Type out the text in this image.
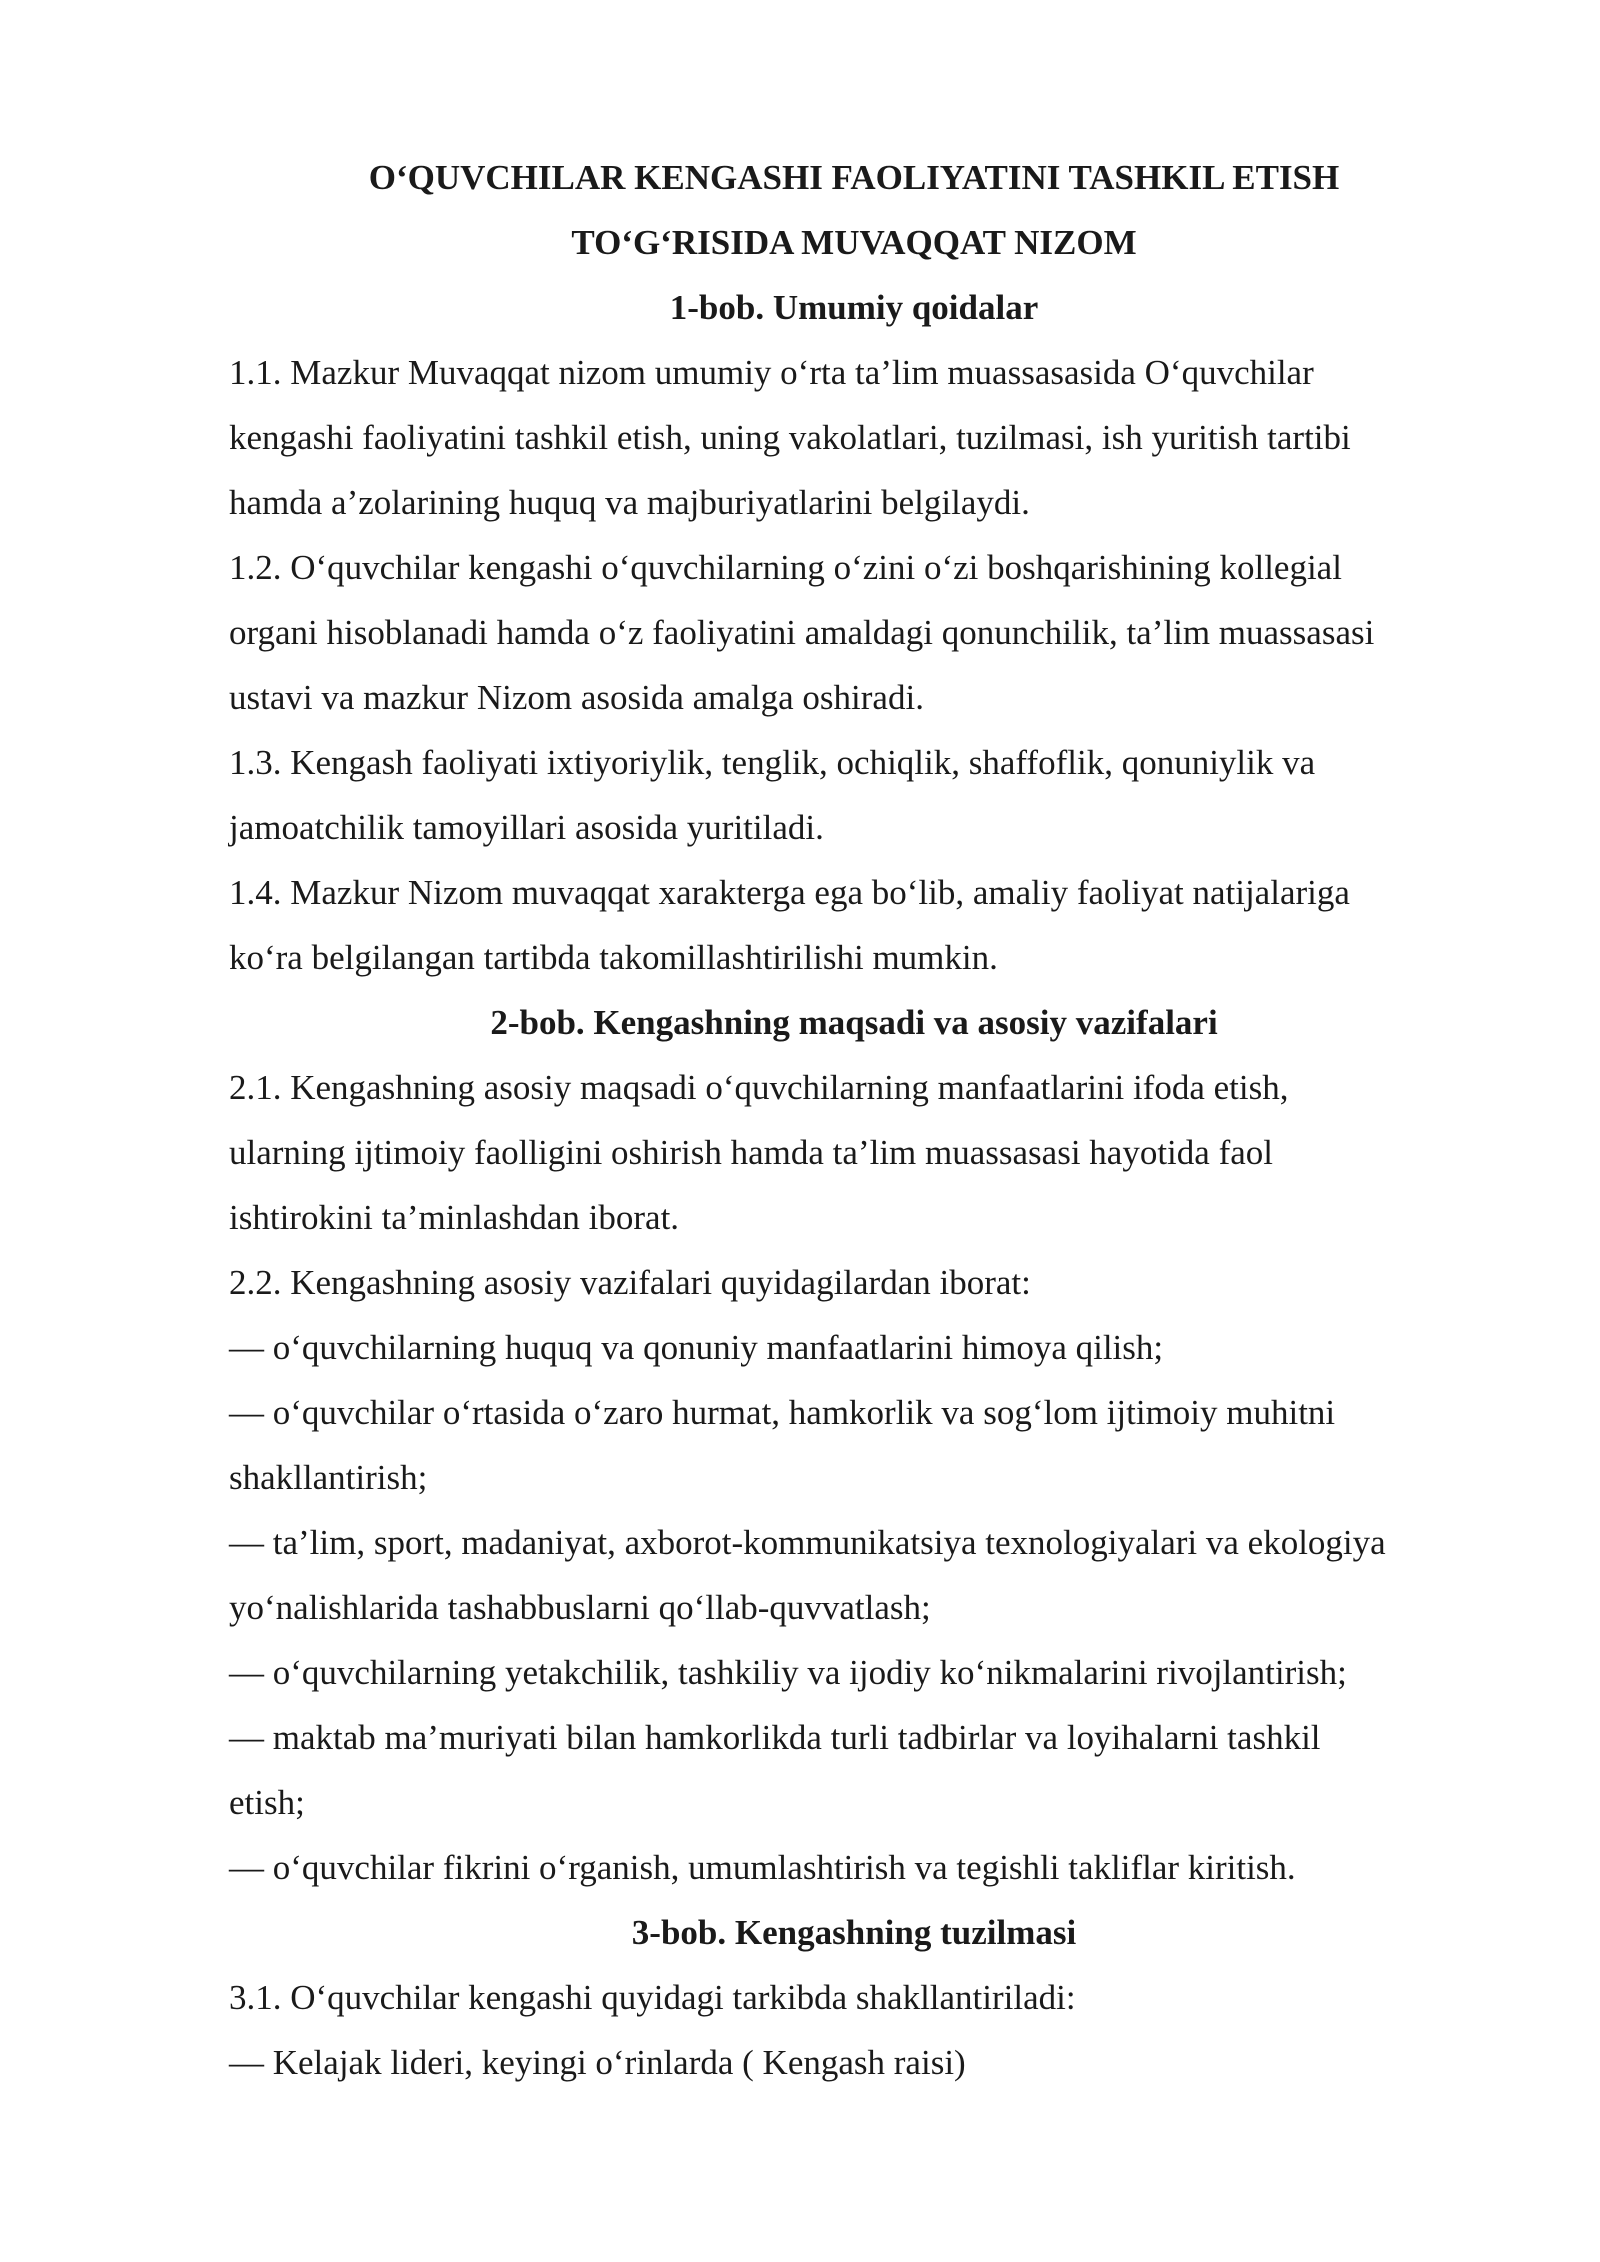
O‘QUVCHILAR KENGASHI FAOLIYATINI TASHKIL ETISH

TO‘G‘RISIDA MUVAQQAT NIZOM

1-bob. Umumiy qoidalar

1.1. Mazkur Muvaqqat nizom umumiy o‘rta ta’lim muassasasida O‘quvchilar

kengashi faoliyatini tashkil etish, uning vakolatlari, tuzilmasi, ish yuritish tartibi

hamda a’zolarining huquq va majburiyatlarini belgilaydi.

1.2. O‘quvchilar kengashi o‘quvchilarning o‘zini o‘zi boshqarishining kollegial

organi hisoblanadi hamda o‘z faoliyatini amaldagi qonunchilik, ta’lim muassasasi

ustavi va mazkur Nizom asosida amalga oshiradi.

1.3. Kengash faoliyati ixtiyoriylik, tenglik, ochiqlik, shaffoflik, qonuniylik va

jamoatchilik tamoyillari asosida yuritiladi.

1.4. Mazkur Nizom muvaqqat xarakterga ega bo‘lib, amaliy faoliyat natijalariga

ko‘ra belgilangan tartibda takomillashtirilishi mumkin.

2-bob. Kengashning maqsadi va asosiy vazifalari

2.1. Kengashning asosiy maqsadi o‘quvchilarning manfaatlarini ifoda etish,

ularning ijtimoiy faolligini oshirish hamda ta’lim muassasasi hayotida faol

ishtirokini ta’minlashdan iborat.

2.2. Kengashning asosiy vazifalari quyidagilardan iborat:

— o‘quvchilarning huquq va qonuniy manfaatlarini himoya qilish;

— o‘quvchilar o‘rtasida o‘zaro hurmat, hamkorlik va sog‘lom ijtimoiy muhitni

shakllantirish;

— ta’lim, sport, madaniyat, axborot-kommunikatsiya texnologiyalari va ekologiya

yo‘nalishlarida tashabbuslarni qo‘llab-quvvatlash;

— o‘quvchilarning yetakchilik, tashkiliy va ijodiy ko‘nikmalarini rivojlantirish;

— maktab ma’muriyati bilan hamkorlikda turli tadbirlar va loyihalarni tashkil

etish;

— o‘quvchilar fikrini o‘rganish, umumlashtirish va tegishli takliflar kiritish.

3-bob. Kengashning tuzilmasi

3.1. O‘quvchilar kengashi quyidagi tarkibda shakllantiriladi:

— Kelajak lideri, keyingi o‘rinlarda ( Kengash raisi)
